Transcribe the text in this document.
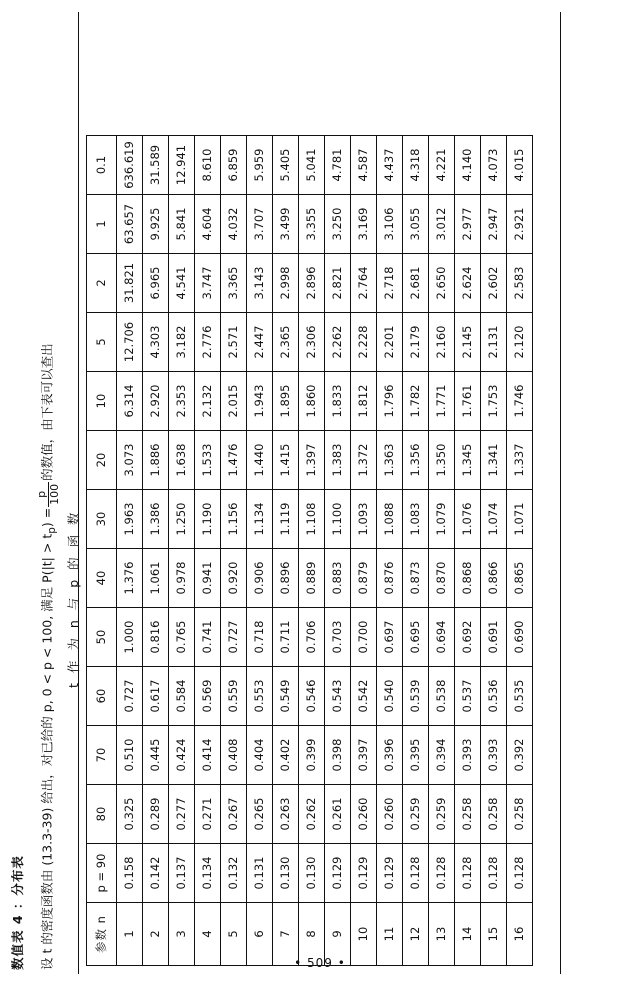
数值表 4 ：分布表 设 t 的密度函数由 (13.3-39) 给出，对已给的 p, 0 < p < 100, 满足 $P(|t| > t_p)$ =
p 100
的数值，由下表可以查出
t 作 为 n 与 p 的 函 数
参数 n	p = 90	80	70	60	50	40	30	20	10	5	2	1	0.1
1	0.158	0.325	0.510	0.727	1.000	1.376	1.963	3.073	6.314	12.706	31.821	63.657	636.619
2	0.142	0.289	0.445	0.617	0.816	1.061	1.386	1.886	2.920	4.303	6.965	9.925	31.589
3	0.137	0.277	0.424	0.584	0.765	0.978	1.250	1.638	2.353	3.182	4.541	5.841	12.941
4	0.134	0.271	0.414	0.569	0.741	0.941	1.190	1.533	2.132	2.776	3.747	4.604	8.610
5	0.132	0.267	0.408	0.559	0.727	0.920	1.156	1.476	2.015	2.571	3.365	4.032	6.859
6	0.131	0.265	0.404	0.553	0.718	0.906	1.134	1.440	1.943	2.447	3.143	3.707	5.959
7	0.130	0.263	0.402	0.549	0.711	0.896	1.119	1.415	1.895	2.365	2.998	3.499	5.405
8	0.130	0.262	0.399	0.546	0.706	0.889	1.108	1.397	1.860	2.306	2.896	3.355	5.041
9	0.129	0.261	0.398	0.543	0.703	0.883	1.100	1.383	1.833	2.262	2.821	3.250	4.781
10	0.129	0.260	0.397	0.542	0.700	0.879	1.093	1.372	1.812	2.228	2.764	3.169	4.587
11	0.129	0.260	0.396	0.540	0.697	0.876	1.088	1.363	1.796	2.201	2.718	3.106	4.437
12	0.128	0.259	0.395	0.539	0.695	0.873	1.083	1.356	1.782	2.179	2.681	3.055	4.318
13	0.128	0.259	0.394	0.538	0.694	0.870	1.079	1.350	1.771	2.160	2.650	3.012	4.221
14	0.128	0.258	0.393	0.537	0.692	0.868	1.076	1.345	1.761	2.145	2.624	2.977	4.140
15	0.128	0.258	0.393	0.536	0.691	0.866	1.074	1.341	1.753	2.131	2.602	2.947	4.073
16	0.128	0.258	0.392	0.535	0.690	0.865	1.071	1.337	1.746	2.120	2.583	2.921	4.015
• 509 •
